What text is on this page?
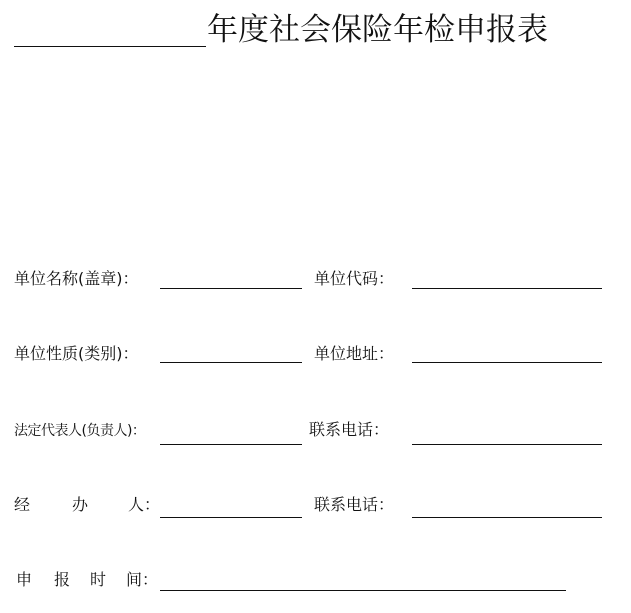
年度社会保险年检申报表
单位名称(盖章)：	单位代码：
单位性质(类别)：	单位地址：
法定代表人(负责人)：	联系电话：
经	办 人：	联系电话：
申 报 时 间：
